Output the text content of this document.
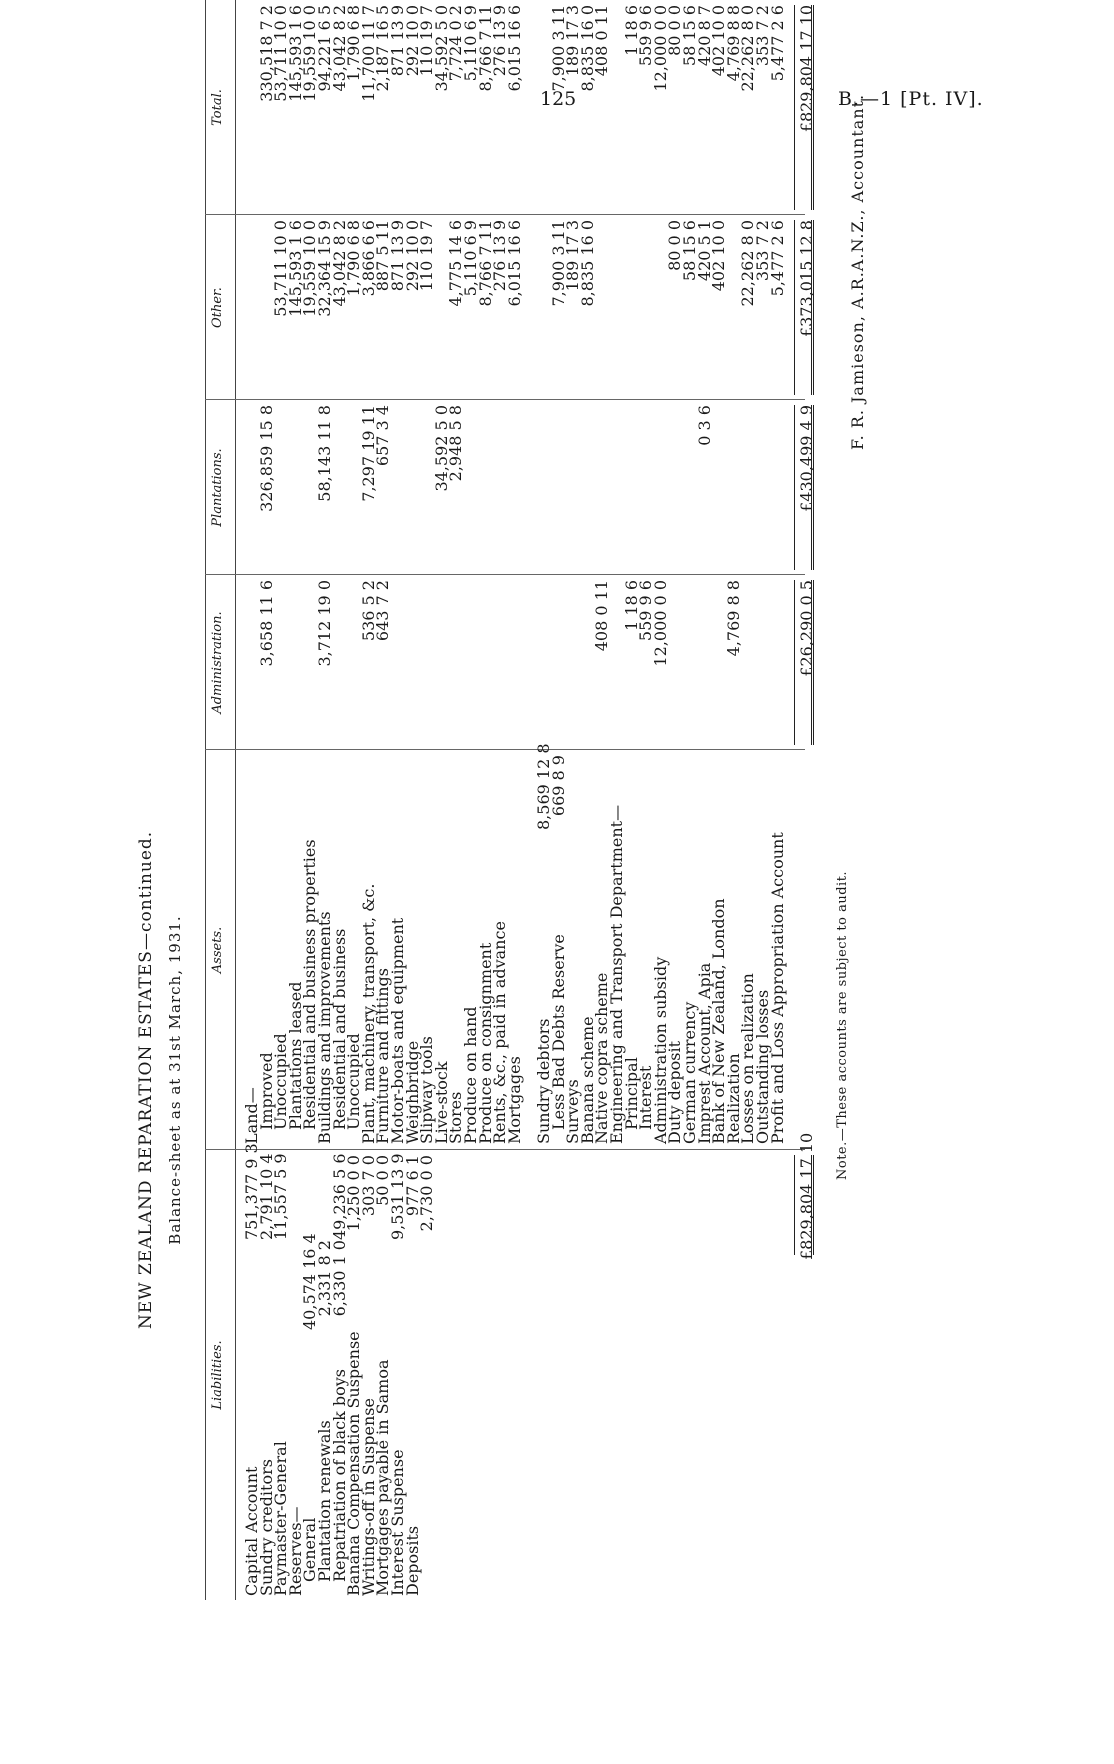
125	B.—1 [Pt. IV].
NEW ZEALAND REPARATION ESTATES—continued. Balance-sheet as at 31st March, 1931.
Liabilities.
Assets.
Administration.
Plantations.
Other.
Total.
Capital Account
751,377 9 3
Sundry creditors
2,791 10 4
Paymaster-General
11,557 5 9
Reserves—
General
40,574 16 4
Plantation renewals
2,331 8 2
Repatriation of black boys
6,330 1 0
49,236 5 6
Banana Compensation Suspense
1,250 0 0
Writings-off in Suspense
303 7 0
Mortgages payable in Samoa
50 0 0
Interest Suspense
9,531 13 9
Deposits
977 6 1
2,730 0 0	£829,804 17 10
Land—
Improved
3,658 11 6
326,859 15 8
330,518 7 2
Unoccupied
53,711 10 0
53,711 10 0
Plantations leased
145,593 1 6
145,593 1 6
Residential and business properties
19,559 10 0
19,559 10 0
Buildings and improvements
3,712 19 0
58,143 11 8
32,364 15 9
94,221 6 5
Residential and business
43,042 8 2
43,042 8 2
Unoccupied
1,790 6 8
1,790 6 8
Plant, machinery, transport, &c.
536 5 2
7,297 19 11
3,866 6 6
11,700 11 7
Furniture and fittings
643 7 2
657 3 4
887 5 11
2,187 16 5
Motor-boats and equipment
871 13 9
871 13 9
Weighbridge
292 10 0
292 10 0
Slipway tools
110 19 7
110 19 7
Live-stock
34,592 5 0
34,592 5 0
Stores
2,948 5 8
4,775 14 6
7,724 0 2
Produce on hand
5,110 6 9
5,110 6 9
Produce on consignment
8,766 7 11
8,766 7 11
Rents, &c., paid in advance
276 13 9
276 13 9
Mortgages
6,015 16 6
6,015 16 6
Sundry debtors
8,569 12 8
Less Bad Debts Reserve
669 8 9
7,900 3 11
7,900 3 11
Surveys
189 17 3
189 17 3
Banana scheme
8,835 16 0
8,835 16 0
Native copra scheme
408 0 11
408 0 11
Engineering and Transport Department—
Principal
1 18 6
1 18 6
Interest
559 9 6
559 9 6
Administration subsidy
12,000 0 0
12,000 0 0
Duty deposit
80 0 0
80 0 0
German currency
58 15 6
58 15 6
Imprest Account, Apia
0 3 6
420 5 1
420 8 7
Bank of New Zealand, London
402 10 0
402 10 0
Realization
4,769 8 8
4,769 8 8
Losses on realization
22,262 8 0
22,262 8 0
Outstanding losses
353 7 2
353 7 2
Profit and Loss Appropriation Account
5,477 2 6
5,477 2 6
£26,290 0 5
£430,499 4 9
£373,015 12 8
£829,804 17 10
Note.—These accounts are subject to audit.
F. R. Jamieson, A.R.A.N.Z., Accountant.
